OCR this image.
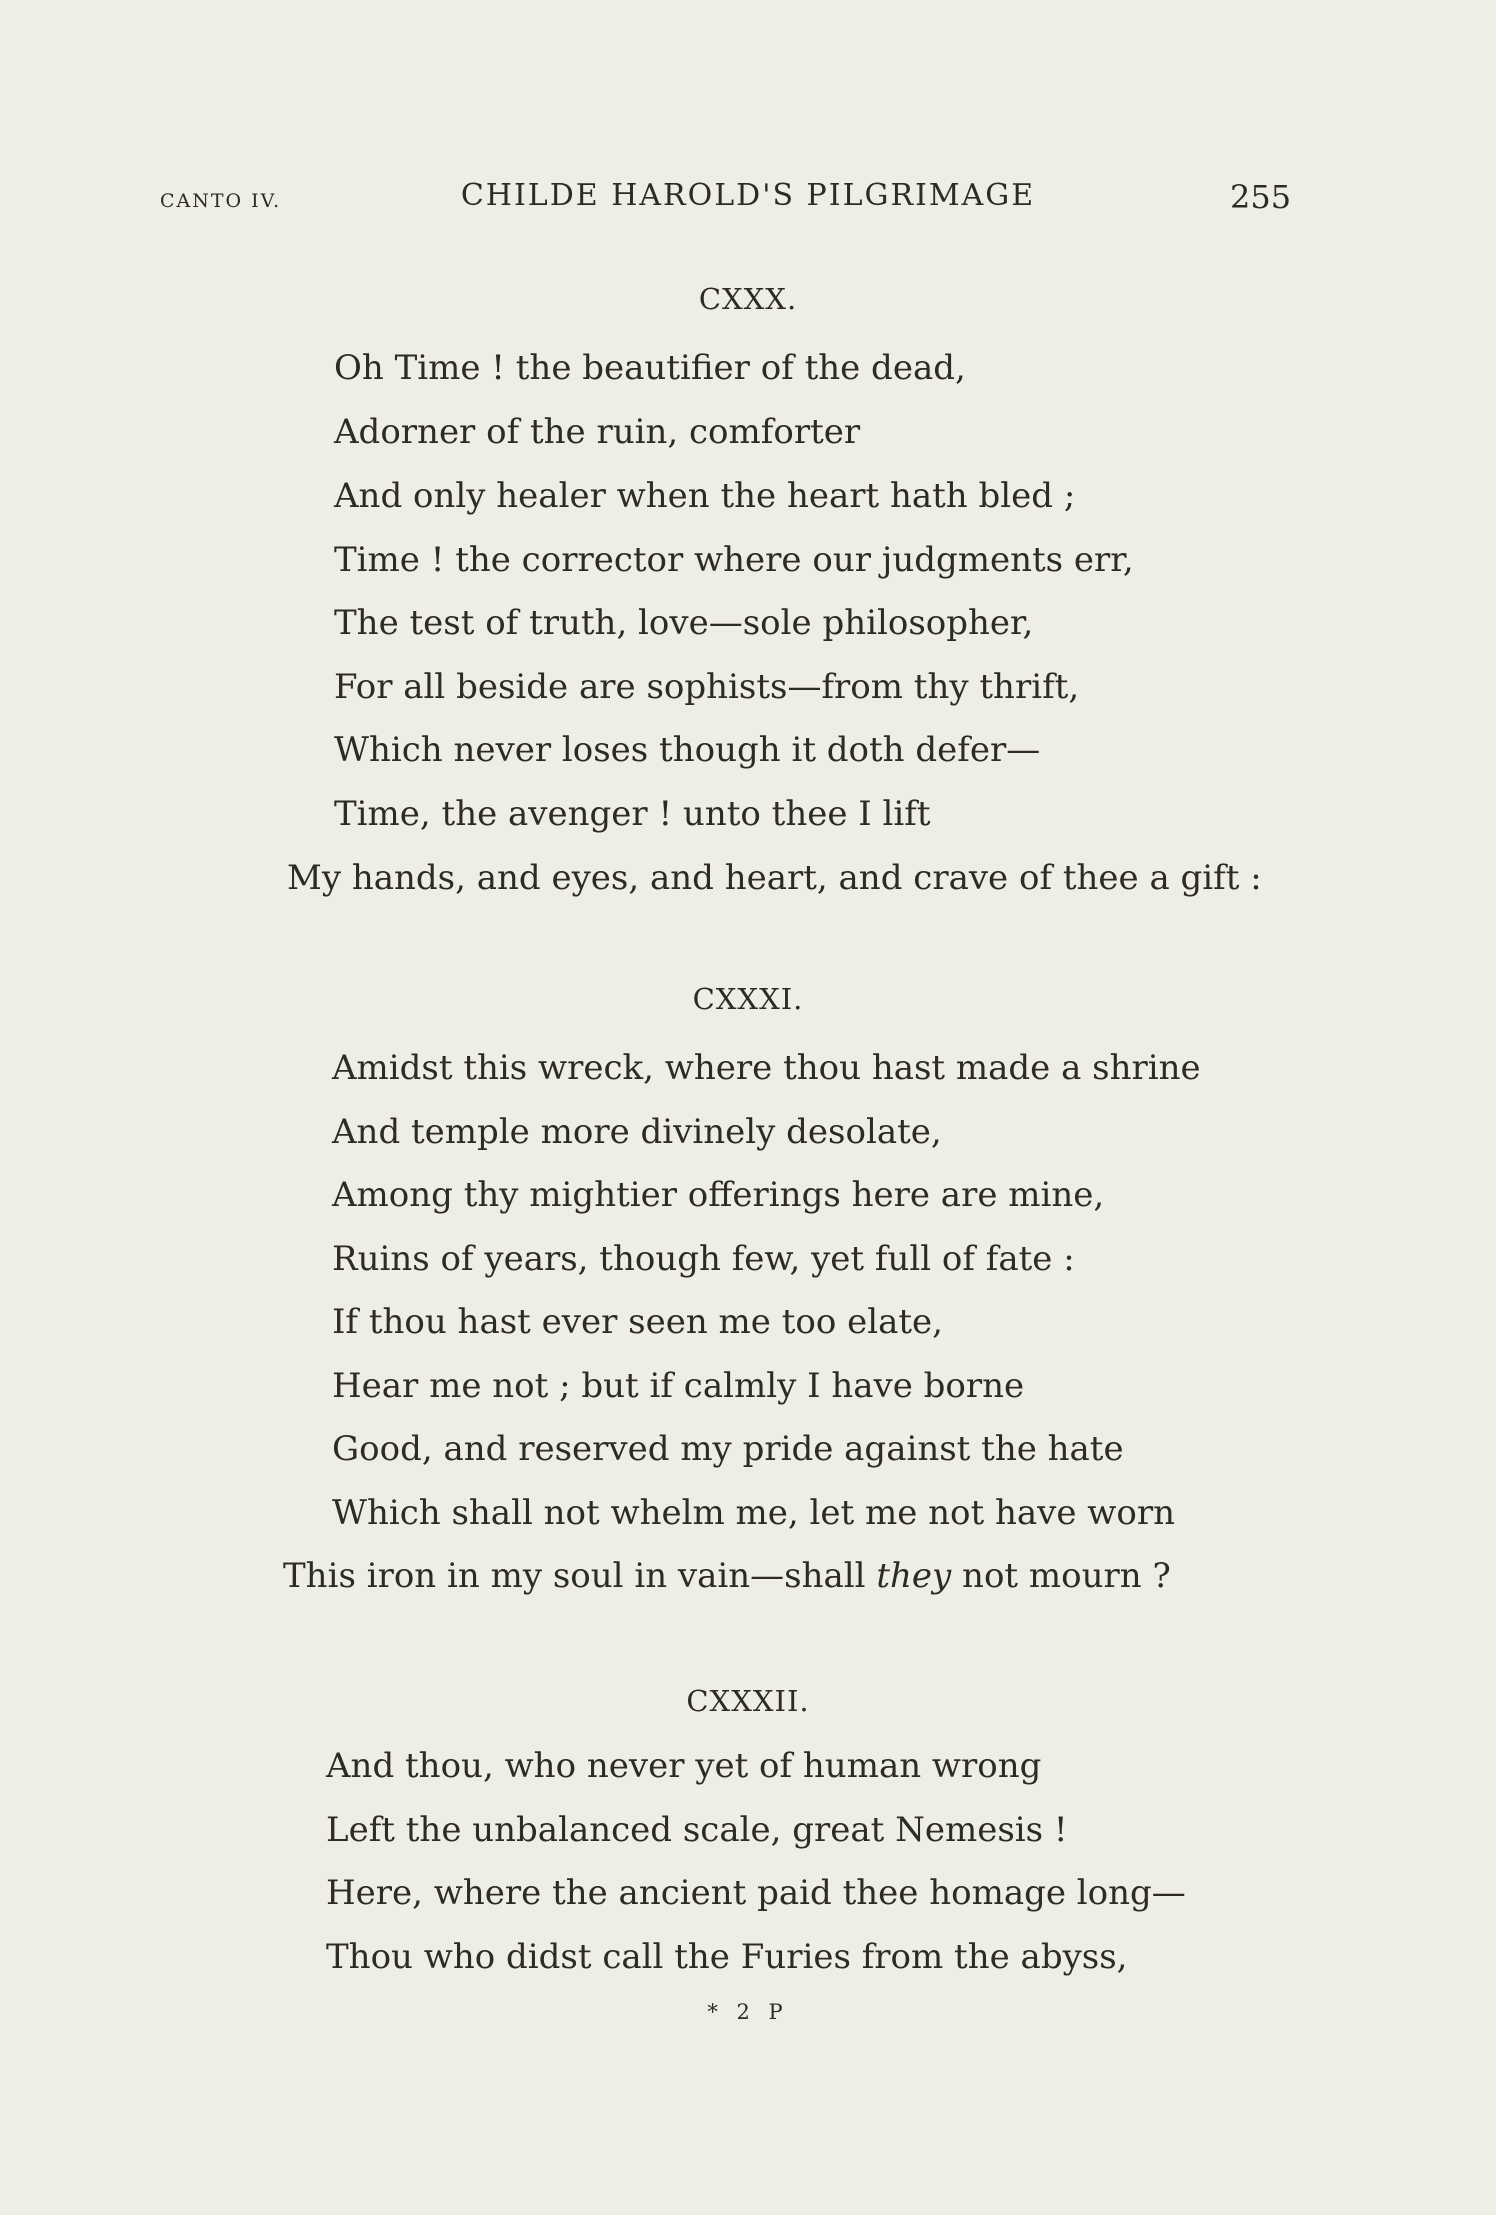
CANTO IV.	CHILDE HAROLD'S PILGRIMAGE	255
CXXX.
Oh Time ! the beautifier of the dead,
Adorner of the ruin, comforter
And only healer when the heart hath bled ;
Time ! the corrector where our judgments err,
The test of truth, love—sole philosopher,
For all beside are sophists—from thy thrift,
Which never loses though it doth defer—
Time, the avenger ! unto thee I lift
My hands, and eyes, and heart, and crave of thee a gift :
CXXXI.
Amidst this wreck, where thou hast made a shrine
And temple more divinely desolate,
Among thy mightier offerings here are mine,
Ruins of years, though few, yet full of fate :
If thou hast ever seen me too elate,
Hear me not ; but if calmly I have borne
Good, and reserved my pride against the hate
Which shall not whelm me, let me not have worn
This iron in my soul in vain—shall they not mourn ?
CXXXII.
And thou, who never yet of human wrong
Left the unbalanced scale, great Nemesis !
Here, where the ancient paid thee homage long—
Thou who didst call the Furies from the abyss,
* 2 P
